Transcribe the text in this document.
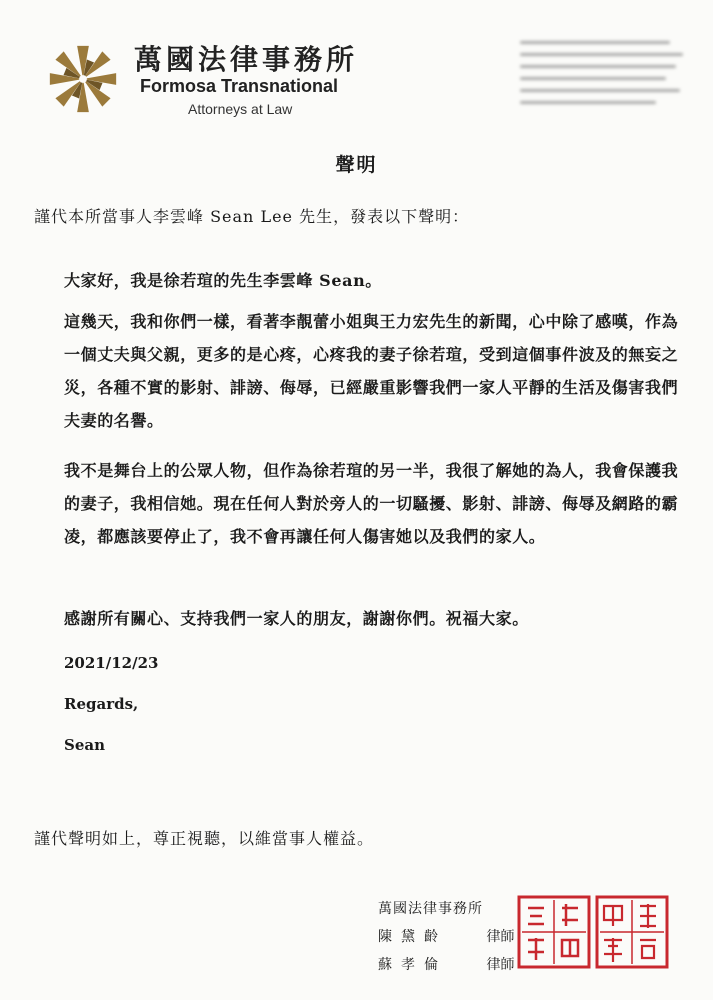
萬國法律事務所
Formosa Transnational
Attorneys at Law
聲明
謹代本所當事人李雲峰 Sean Lee 先生，發表以下聲明：
大家好，我是徐若瑄的先生李雲峰 Sean。
這幾天，我和你們一樣，看著李靚蕾小姐與王力宏先生的新聞，心中除了感嘆，作為一個丈夫與父親，更多的是心疼，心疼我的妻子徐若瑄，受到這個事件波及的無妄之災，各種不實的影射、誹謗、侮辱，已經嚴重影響我們一家人平靜的生活及傷害我們夫妻的名譽。
我不是舞台上的公眾人物，但作為徐若瑄的另一半，我很了解她的為人，我會保護我的妻子，我相信她。現在任何人對於旁人的一切騷擾、影射、誹謗、侮辱及網路的霸凌，都應該要停止了，我不會再讓任何人傷害她以及我們的家人。
感謝所有關心、支持我們一家人的朋友，謝謝你們。祝福大家。
2021/12/23
Regards,
Sean
謹代聲明如上，尊正視聽，以維當事人權益。
萬國法律事務所
陳黛齡	律師
蘇孝倫	律師
